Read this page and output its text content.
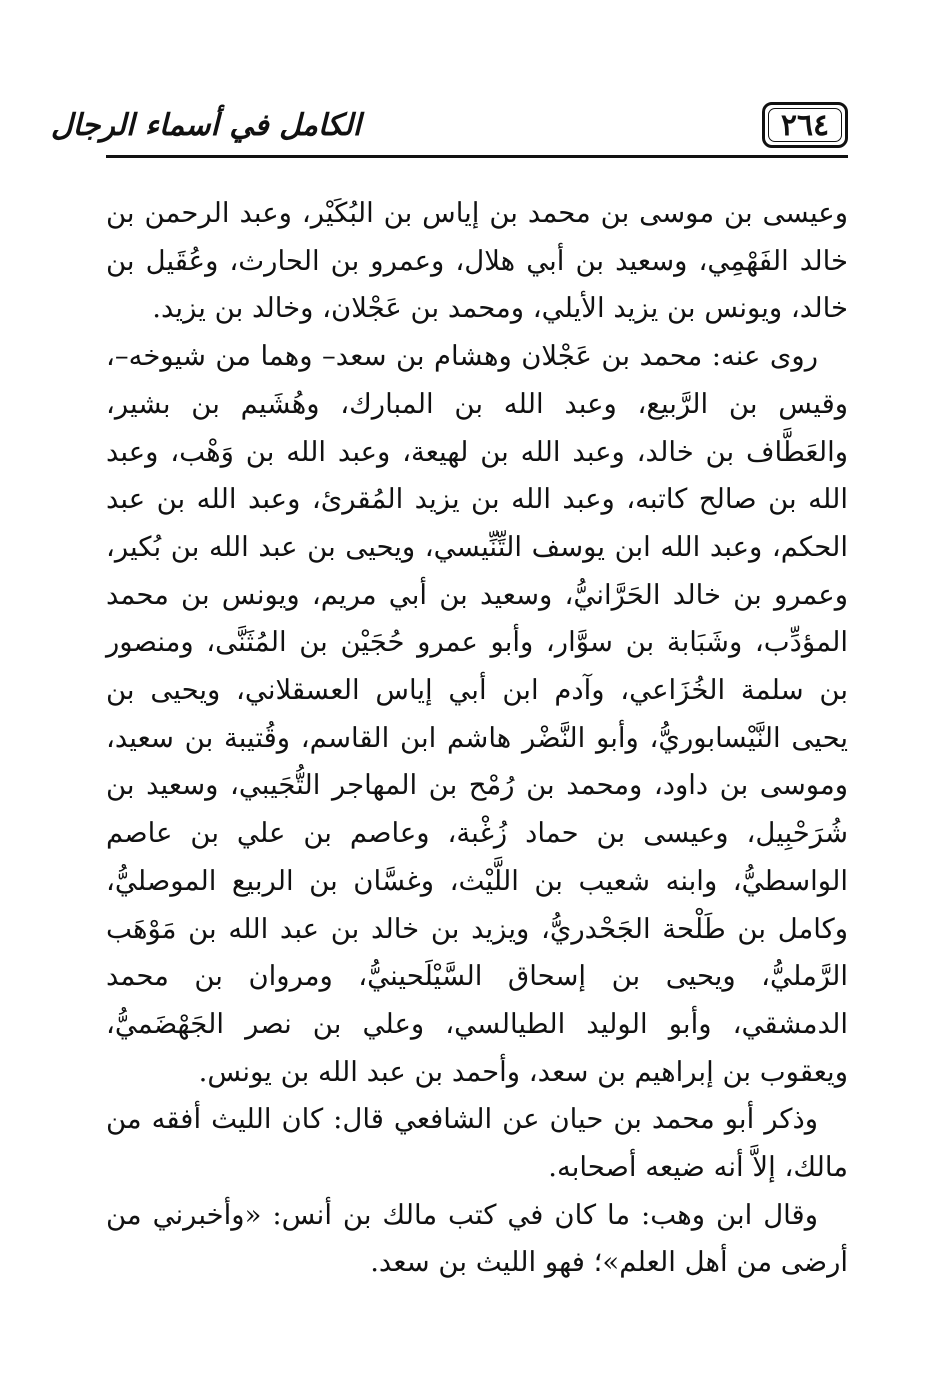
٢٦٤
الكامل في أسماء الرجال

وعيسى بن موسى بن محمد بن إياس بن البُكَيْر، وعبد الرحمن بن خالد الفَهْمِي، وسعيد بن أبي هلال، وعمرو بن الحارث، وعُقَيل بن خالد، ويونس بن يزيد الأيلي، ومحمد بن عَجْلان، وخالد بن يزيد.

روى عنه: محمد بن عَجْلان وهشام بن سعد– وهما من شيوخه–، وقيس بن الرَّبيع، وعبد الله بن المبارك، وهُشَيم بن بشير، والعَطَّاف بن خالد، وعبد الله بن لهيعة، وعبد الله بن وَهْب، وعبد الله بن صالح كاتبه، وعبد الله بن يزيد المُقرئ، وعبد الله بن عبد الحكم، وعبد الله ابن يوسف التِّنِّيسي، ويحيى بن عبد الله بن بُكير، وعمرو بن خالد الحَرَّانيُّ، وسعيد بن أبي مريم، ويونس بن محمد المؤدِّب، وشَبَابة بن سوَّار، وأبو عمرو حُجَيْن بن المُثَنَّى، ومنصور بن سلمة الخُزَاعي، وآدم ابن أبي إياس العسقلاني، ويحيى بن يحيى النَّيْسابوريُّ، وأبو النَّضْر هاشم ابن القاسم، وقُتيبة بن سعيد، وموسى بن داود، ومحمد بن رُمْح بن المهاجر التُّجَيبي، وسعيد بن شُرَحْبِيل، وعيسى بن حماد زُغْبة، وعاصم بن علي بن عاصم الواسطيُّ، وابنه شعيب بن اللَّيْث، وغسَّان بن الربيع الموصليُّ، وكامل بن طَلْحة الجَحْدريُّ، ويزيد بن خالد بن عبد الله بن مَوْهَب الرَّمليُّ، ويحيى بن إسحاق السَّيْلَحينيُّ، ومروان بن محمد الدمشقي، وأبو الوليد الطيالسي، وعلي بن نصر الجَهْضَميُّ، ويعقوب بن إبراهيم بن سعد، وأحمد بن عبد الله بن يونس.

وذكر أبو محمد بن حيان عن الشافعي قال: كان الليث أفقه من مالك، إلاَّ أنه ضيعه أصحابه.

وقال ابن وهب: ما كان في كتب مالك بن أنس: «وأخبرني من أرضى من أهل العلم»؛ فهو الليث بن سعد.
